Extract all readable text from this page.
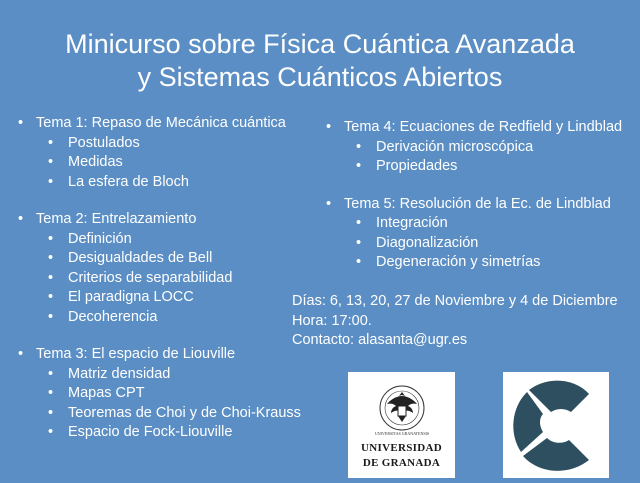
Minicurso sobre Física Cuántica Avanzada
y Sistemas Cuánticos Abiertos
• Tema 1: Repaso de Mecánica cuántica
• Postulados
• Medidas
• La esfera de Bloch
• Tema 2: Entrelazamiento
• Definición
• Desigualdades de Bell
• Criterios de separabilidad
• El paradigna LOCC
• Decoherencia
• Tema 3: El espacio de Liouville
• Matriz densidad
• Mapas CPT
• Teoremas de Choi y de Choi-Krauss
• Espacio de Fock-Liouville
• Tema 4: Ecuaciones de Redfield y Lindblad
• Derivación microscópica
• Propiedades
• Tema 5: Resolución de la Ec. de Lindblad
• Integración
• Diagonalización
• Degeneración y simetrías
Días: 6, 13, 20, 27 de Noviembre y 4 de Diciembre
Hora: 17:00.
Contacto: alasanta@ugr.es
UNIVERSITAS GRANATENSIS
UNIVERSIDAD
DE GRANADA
